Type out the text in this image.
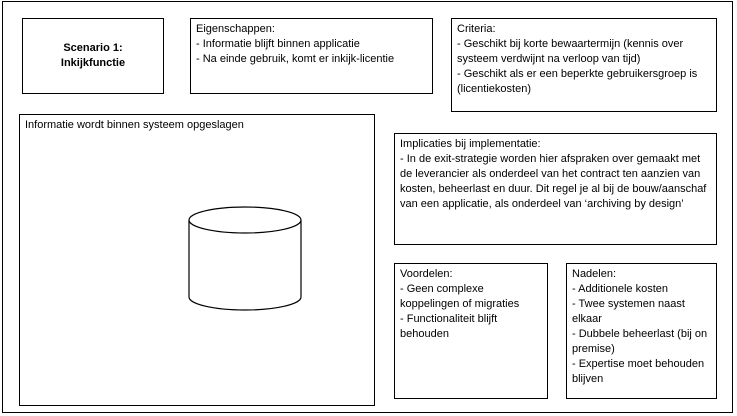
Scenario 1:
Inkijkfunctie

Eigenschappen:

- Informatie blijft binnen applicatie

- Na einde gebruik, komt er inkijk-licentie

Criteria:

- Geschikt bij korte bewaartermijn (kennis over systeem verdwijnt na verloop van tijd)

- Geschikt als er een beperkte gebruikersgroep is (licentiekosten)

Informatie wordt binnen systeem opgeslagen

Implicaties bij implementatie:

- In de exit-strategie worden hier afspraken over gemaakt met de leverancier als onderdeel van het contract ten aanzien van kosten, beheerlast en duur. Dit regel je al bij de bouw/aanschaf van een applicatie, als onderdeel van ‘archiving by design’

Voordelen:

- Geen complexe koppelingen of migraties

- Functionaliteit blijft behouden

Nadelen:

- Additionele kosten

- Twee systemen naast elkaar

- Dubbele beheerlast (bij on premise)

- Expertise moet behouden blijven
